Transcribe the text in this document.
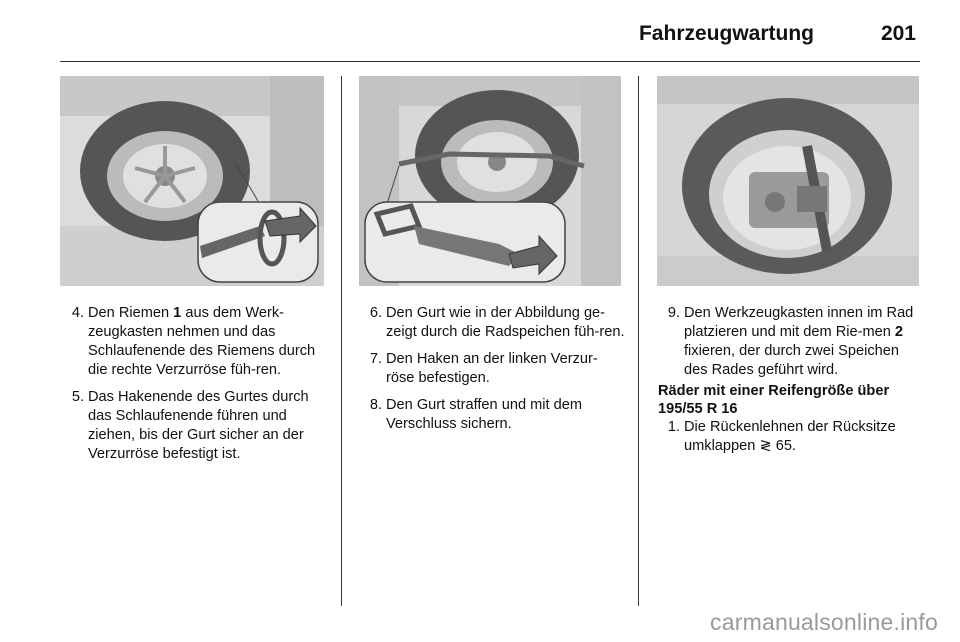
Fahrzeugwartung	201
4. Den Riemen 1 aus dem Werk-zeugkasten nehmen und das Schlaufenende des Riemens durch die rechte Verzurröse füh-ren.
5. Das Hakenende des Gurtes durch das Schlaufenende führen und ziehen, bis der Gurt sicher an der Verzurröse befestigt ist.
6. Den Gurt wie in der Abbildung ge-zeigt durch die Radspeichen füh-ren.
7. Den Haken an der linken Verzur-röse befestigen.
8. Den Gurt straffen und mit dem Verschluss sichern.
9. Den Werkzeugkasten innen im Rad platzieren und mit dem Rie-men 2 fixieren, der durch zwei Speichen des Rades geführt wird.
Räder mit einer Reifengröße über 195/55 R 16
1. Die Rückenlehnen der Rücksitze umklappen ≷ 65.
carmanualsonline.info
